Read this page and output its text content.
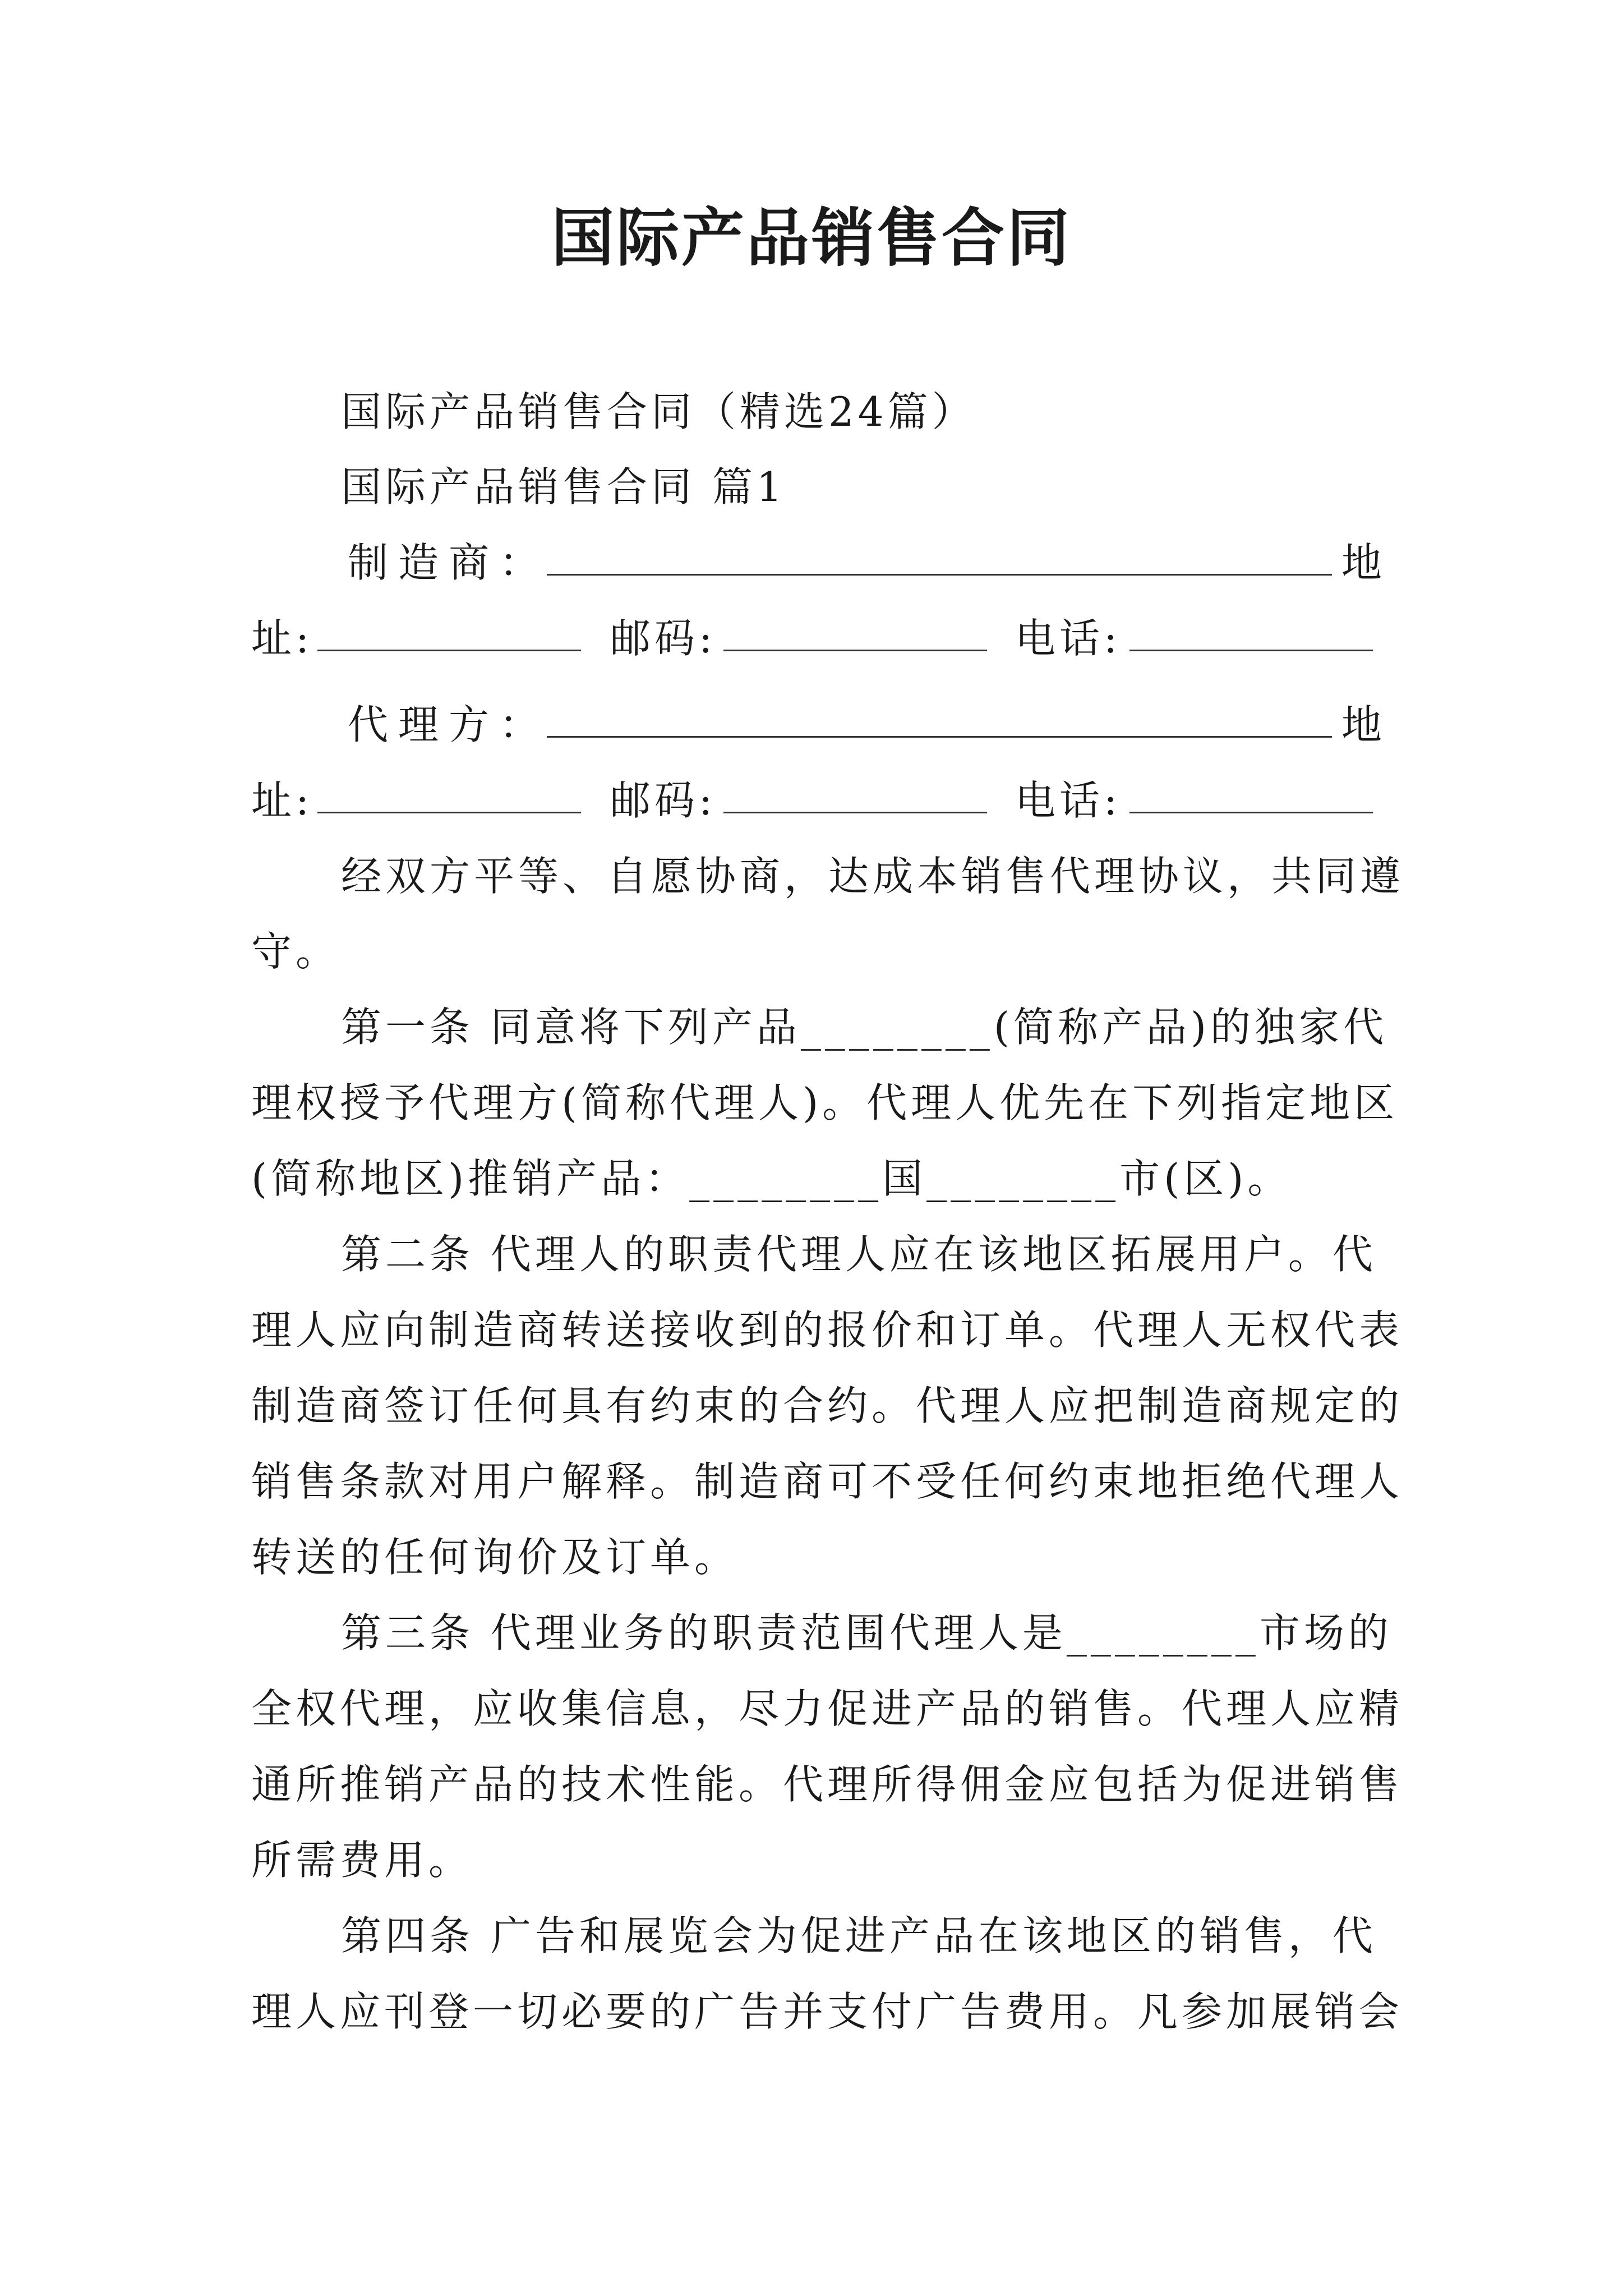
国际产品销售合同
国际产品销售合同（精选24篇）
国际产品销售合同 篇1
制造商：	地
址:	邮码:	电话:
代理方：	地
址:	邮码:	电话:
经双方平等、自愿协商，达成本销售代理协议，共同遵
守。
第一条 同意将下列产品________(简称产品)的独家代
理权授予代理方(简称代理人)。代理人优先在下列指定地区
(简称地区)推销产品：________国________市(区)。
第二条 代理人的职责代理人应在该地区拓展用户。代
理人应向制造商转送接收到的报价和订单。代理人无权代表
制造商签订任何具有约束的合约。代理人应把制造商规定的
销售条款对用户解释。制造商可不受任何约束地拒绝代理人
转送的任何询价及订单。
第三条 代理业务的职责范围代理人是________市场的
全权代理，应收集信息，尽力促进产品的销售。代理人应精
通所推销产品的技术性能。代理所得佣金应包括为促进销售
所需费用。
第四条 广告和展览会为促进产品在该地区的销售，代
理人应刊登一切必要的广告并支付广告费用。凡参加展销会
